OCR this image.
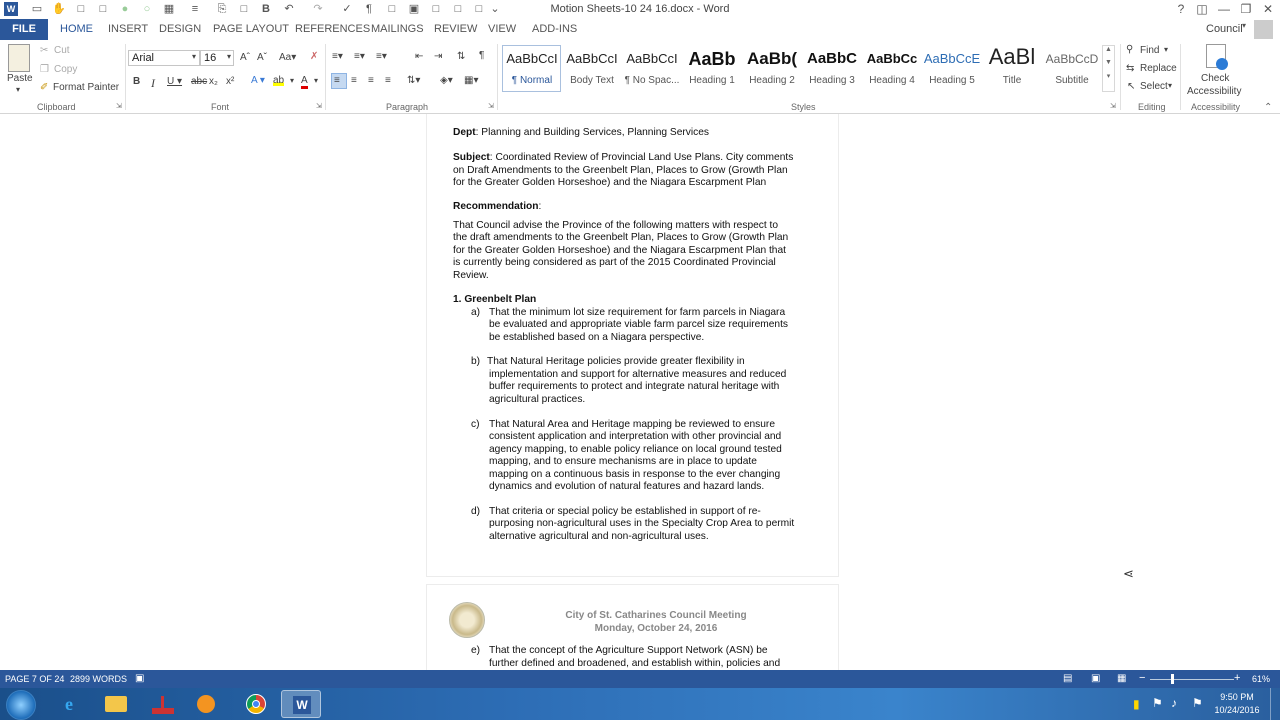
W ▭ ✋	□	□	●	○	▦	≡	⎘	□	B ↶ ↷ ✓	¶	□	▣	□	□	□ ⌄	Motion Sheets-10 24 16.docx - Word	? ◫ — ❐ ✕
HOME INSERT DESIGN PAGE LAYOUT REFERENCES MAILINGS REVIEW VIEW ADD-INS	Council ▾
FILE
Paste
▾
✂ Cut
❐ Copy
✐ Format Painter
Clipboard	⇲
Arial	▾ 16	▾ Aˆ Aˇ Aa▾ ✗
B I U ▾ abc x₂ x² A ▾ ab ▾ A ▾
Font	⇲
≡▾ ≡▾ ≡▾	⇤ ⇥ ⇅ ¶
≡ ≡ ≡ ≡ ⇅▾ ◈▾ ▦▾
Paragraph	⇲
AaBbCcI
¶ Normal
AaBbCcI
Body Text
AaBbCcI
¶ No Spac...
AaBb
Heading 1
AaBb(
Heading 2
AaBbC
Heading 3
AaBbCc
Heading 4
AaBbCcE
Heading 5
AaBl
Title
AaBbCcD
Subtitle
▲
▼
▾
Styles	⇲
⚲ Find ▾
⇆ Replace
↖ Select ▾
Editing
Check
Accessibility
Accessibility ⌃
Dept: Planning and Building Services, Planning Services
Subject: Coordinated Review of Provincial Land Use Plans. City comments
on Draft Amendments to the Greenbelt Plan, Places to Grow (Growth Plan
for the Greater Golden Horseshoe) and the Niagara Escarpment Plan
Recommendation:
That Council advise the Province of the following matters with respect to
the draft amendments to the Greenbelt Plan, Places to Grow (Growth Plan
for the Greater Golden Horseshoe) and the Niagara Escarpment Plan that
is currently being considered as part of the 2015 Coordinated Provincial
Review.
1. Greenbelt Plan
a) That the minimum lot size requirement for farm parcels in Niagara
be evaluated and appropriate viable farm parcel size requirements
be established based on a Niagara perspective.
b) That Natural Heritage policies provide greater flexibility in
implementation and support for alternative measures and reduced
buffer requirements to protect and integrate natural heritage with
agricultural practices.
c) That Natural Area and Heritage mapping be reviewed to ensure
consistent application and interpretation with other provincial and
agency mapping, to enable policy reliance on local ground tested
mapping, and to ensure mechanisms are in place to update
mapping on a continuous basis in response to the ever changing
dynamics and evolution of natural features and hazard lands.
d) That criteria or special policy be established in support of re-
purposing non-agricultural uses in the Specialty Crop Area to permit
alternative agricultural and non-agricultural uses.
City of St. Catharines Council Meeting
Monday, October 24, 2016
e) That the concept of the Agriculture Support Network (ASN) be
further defined and broadened, and establish within, policies and
⋖
PAGE 7 OF 24 2899 WORDS ▣	▤ ▣ ▦ −	+ 61%
e	W	▮ ⚑ ♪ ⚑	9:50 PM
10/24/2016
